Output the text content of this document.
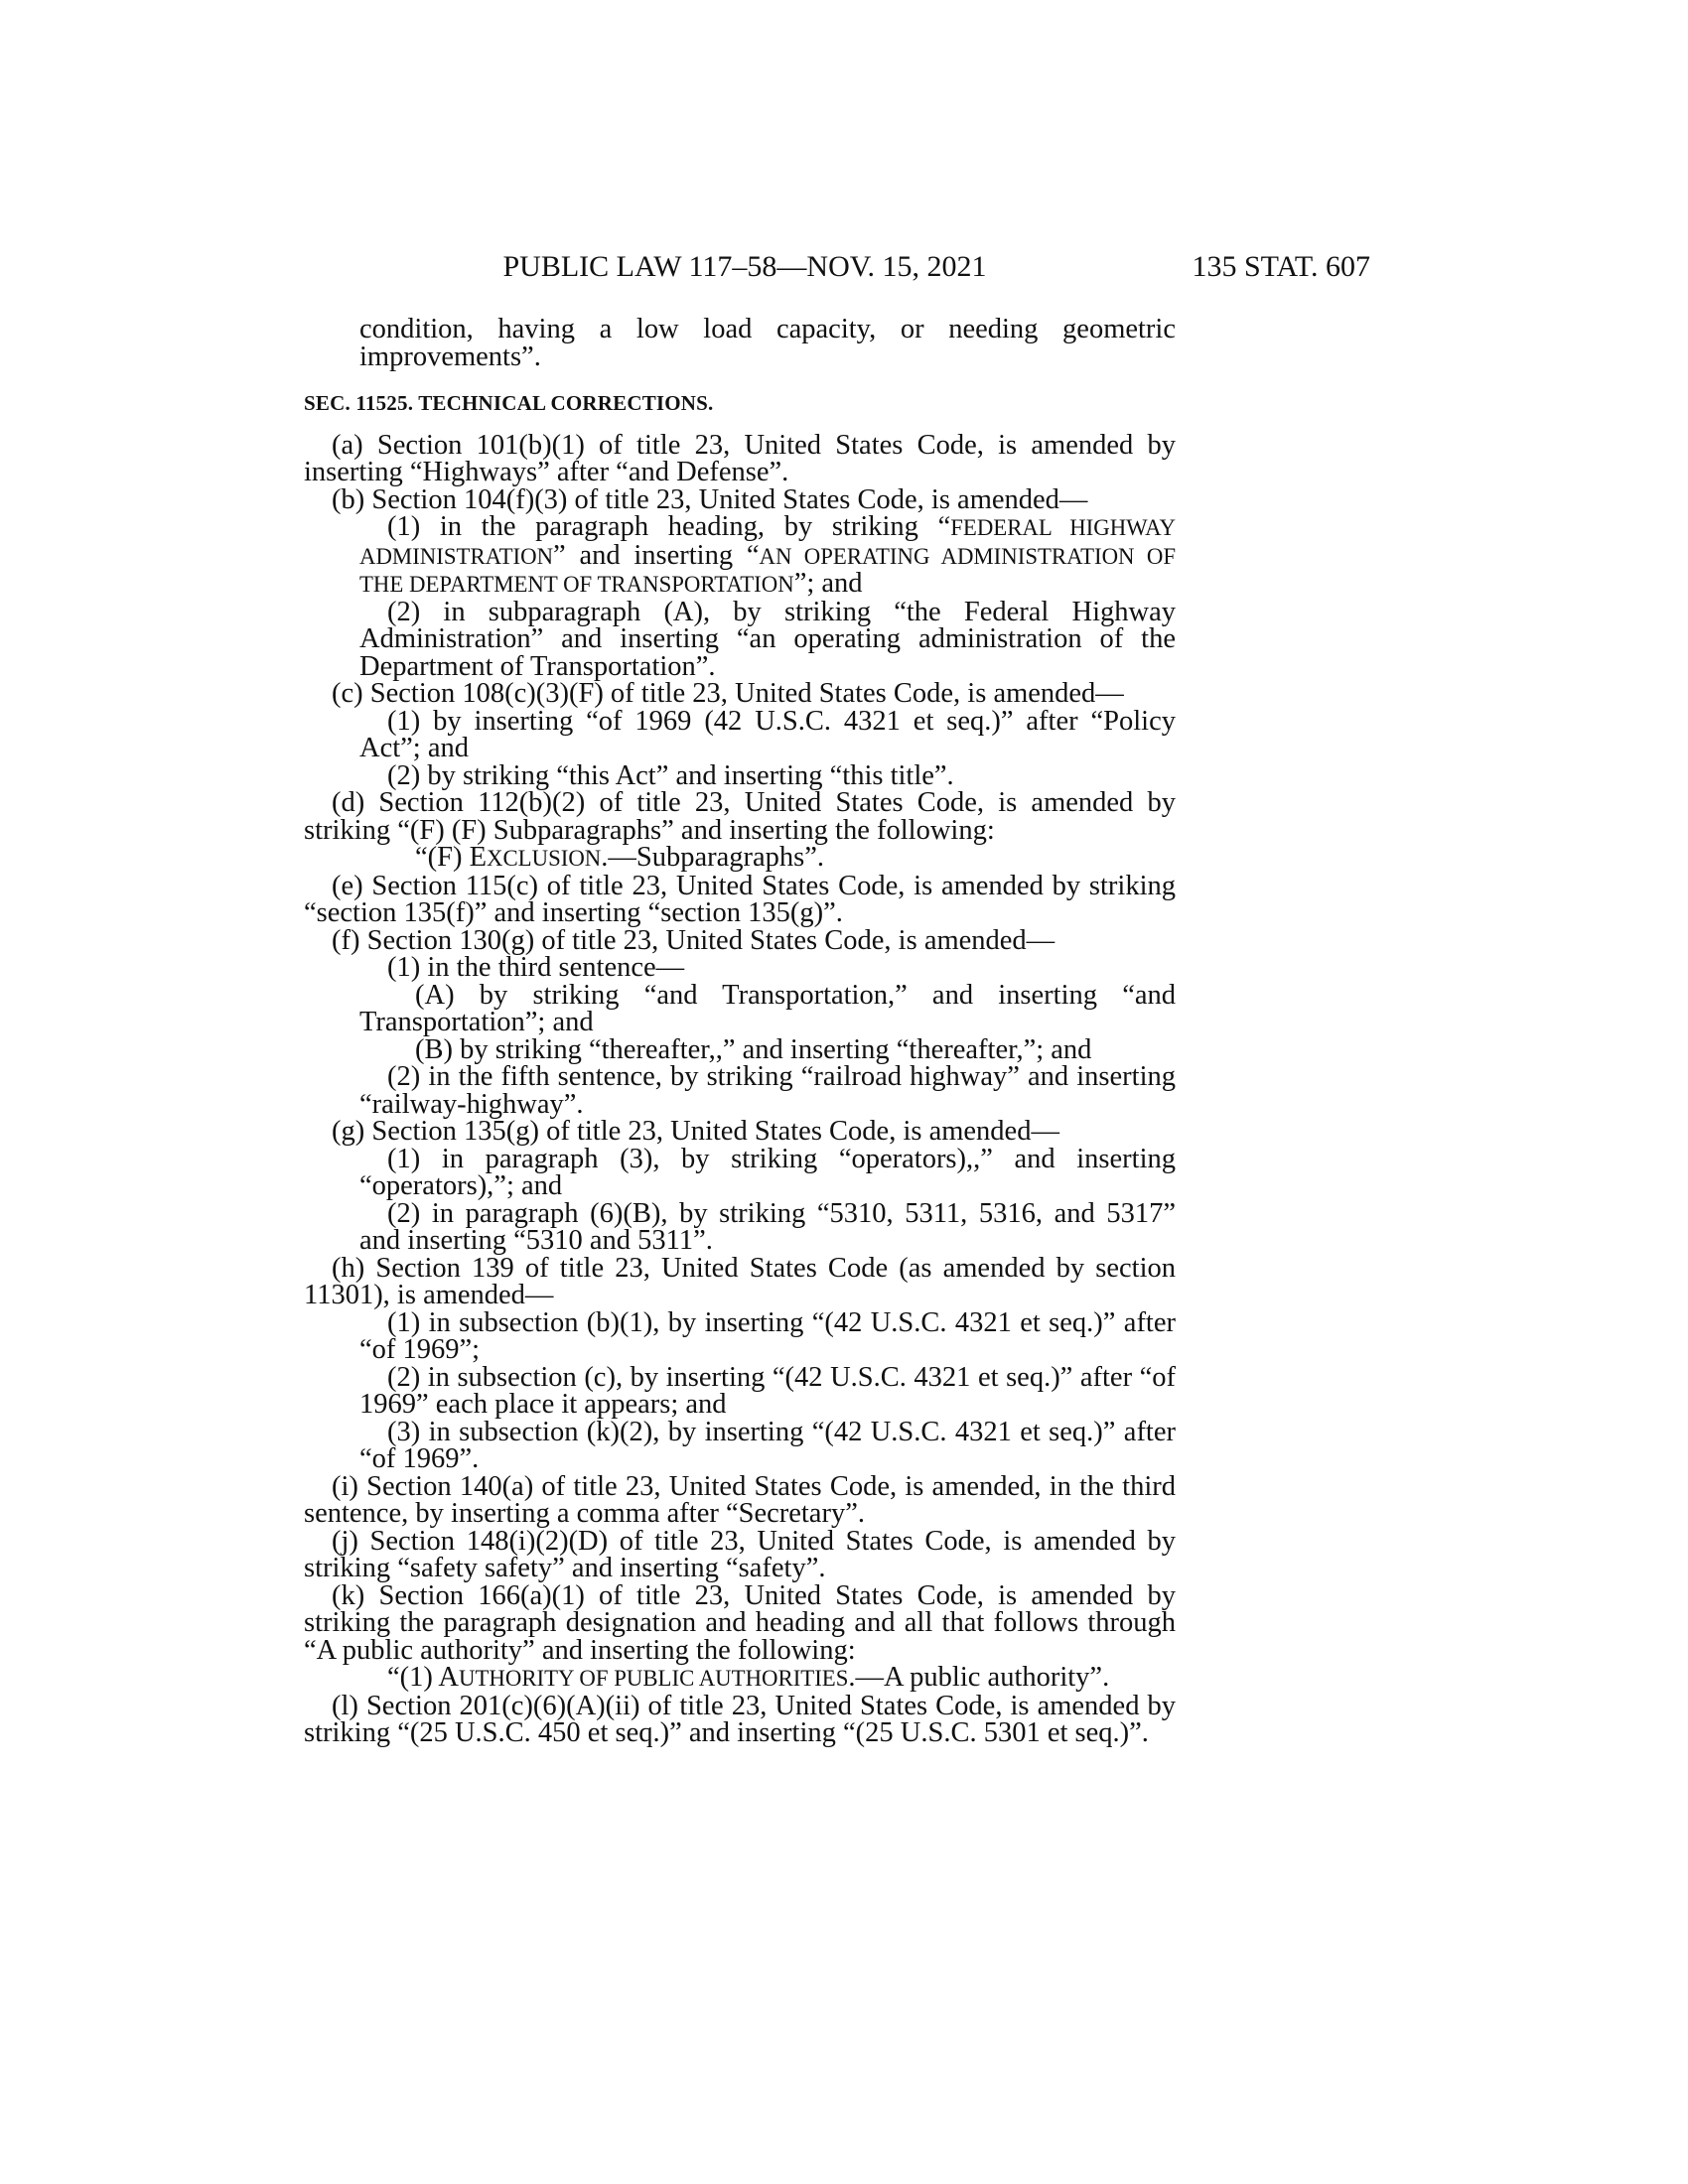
PUBLIC LAW 117–58—NOV. 15, 2021	135 STAT. 607

condition, having a low load capacity, or needing geometric improvements”.

SEC. 11525. TECHNICAL CORRECTIONS.

(a) Section 101(b)(1) of title 23, United States Code, is amended by inserting “Highways” after “and Defense”.

(b) Section 104(f)(3) of title 23, United States Code, is amended—

(1) in the paragraph heading, by striking “FEDERAL HIGHWAY ADMINISTRATION” and inserting “AN OPERATING ADMINISTRATION OF THE DEPARTMENT OF TRANSPORTATION”; and

(2) in subparagraph (A), by striking “the Federal Highway Administration” and inserting “an operating administration of the Department of Transportation”.

(c) Section 108(c)(3)(F) of title 23, United States Code, is amended—

(1) by inserting “of 1969 (42 U.S.C. 4321 et seq.)” after “Policy Act”; and

(2) by striking “this Act” and inserting “this title”.

(d) Section 112(b)(2) of title 23, United States Code, is amended by striking “(F) (F) Subparagraphs” and inserting the following:

“(F) EXCLUSION.—Subparagraphs”.

(e) Section 115(c) of title 23, United States Code, is amended by striking “section 135(f)” and inserting “section 135(g)”.

(f) Section 130(g) of title 23, United States Code, is amended—

(1) in the third sentence—

(A) by striking “and Transportation,” and inserting “and Transportation”; and

(B) by striking “thereafter,,” and inserting “thereafter,”; and

(2) in the fifth sentence, by striking “railroad highway” and inserting “railway-highway”.

(g) Section 135(g) of title 23, United States Code, is amended—

(1) in paragraph (3), by striking “operators),,” and inserting “operators),”; and

(2) in paragraph (6)(B), by striking “5310, 5311, 5316, and 5317” and inserting “5310 and 5311”.

(h) Section 139 of title 23, United States Code (as amended by section 11301), is amended—

(1) in subsection (b)(1), by inserting “(42 U.S.C. 4321 et seq.)” after “of 1969”;

(2) in subsection (c), by inserting “(42 U.S.C. 4321 et seq.)” after “of 1969” each place it appears; and

(3) in subsection (k)(2), by inserting “(42 U.S.C. 4321 et seq.)” after “of 1969”.

(i) Section 140(a) of title 23, United States Code, is amended, in the third sentence, by inserting a comma after “Secretary”.

(j) Section 148(i)(2)(D) of title 23, United States Code, is amended by striking “safety safety” and inserting “safety”.

(k) Section 166(a)(1) of title 23, United States Code, is amended by striking the paragraph designation and heading and all that follows through “A public authority” and inserting the following:

“(1) AUTHORITY OF PUBLIC AUTHORITIES.—A public authority”.

(l) Section 201(c)(6)(A)(ii) of title 23, United States Code, is amended by striking “(25 U.S.C. 450 et seq.)” and inserting “(25 U.S.C. 5301 et seq.)”.
